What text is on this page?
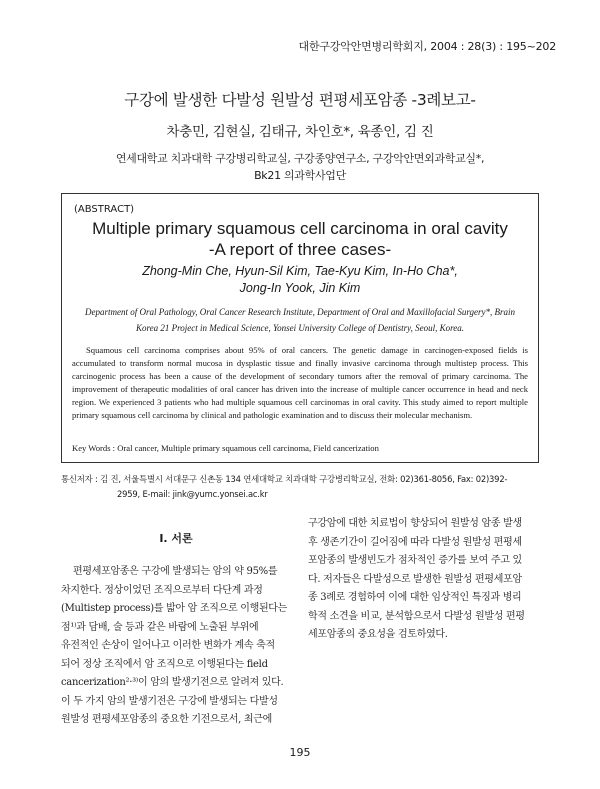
대한구강악안면병리학회지, 2004 : 28(3) : 195~202
구강에 발생한 다발성 원발성 편평세포암종 -3례보고-
차충민, 김현실, 김태규, 차인호*, 육종인, 김 진
연세대학교 치과대학 구강병리학교실, 구강종양연구소, 구강악안면외과학교실*,
Bk21 의과학사업단
(ABSTRACT)
Multiple primary squamous cell carcinoma in oral cavity
-A report of three cases-
Zhong-Min Che, Hyun-Sil Kim, Tae-Kyu Kim, In-Ho Cha*,
Jong-In Yook, Jin Kim
Department of Oral Pathology, Oral Cancer Research Institute, Department of Oral and Maxillofacial Surgery*, Brain
Korea 21 Project in Medical Science, Yonsei University College of Dentistry, Seoul, Korea.
Squamous cell carcinoma comprises about 95% of oral cancers. The genetic damage in carcinogen-exposed fields is accumulated to transform normal mucosa in dysplastic tissue and finally invasive carcinoma through multistep process. This carcinogenic process has been a cause of the development of secondary tumors after the removal of primary carcinoma. The improvement of therapeutic modalities of oral cancer has driven into the increase of multiple cancer occurrence in head and neck region. We experienced 3 patients who had multiple squamous cell carcinomas in oral cavity. This study aimed to report multiple primary squamous cell carcinoma by clinical and pathologic examination and to discuss their molecular mechanism.
Key Words : Oral cancer, Multiple primary squamous cell carcinoma, Field cancerization
통신저자 : 김 진, 서울특별시 서대문구 신촌동 134 연세대학교 치과대학 구강병리학교실, 전화: 02)361-8056, Fax: 02)392-
2959, E-mail: jink@yumc.yonsei.ac.kr
I. 서론
편평세포암종은 구강에 발생되는 암의 약 95%를
차지한다. 정상이었던 조직으로부터 다단계 과정
(Multistep process)를 밟아 암 조직으로 이행된다는
점¹⁾과 담배, 술 등과 같은 바람에 노출된 부위에
유전적인 손상이 일어나고 이러한 변화가 계속 축적
되어 정상 조직에서 암 조직으로 이행된다는 field
cancerization²·³⁾이 암의 발생기전으로 알려져 있다.
이 두 가지 암의 발생기전은 구강에 발생되는 다발성
원발성 편평세포암종의 중요한 기전으로서, 최근에
구강암에 대한 치료법이 향상되어 원발성 암종 발생
후 생존기간이 길어짐에 따라 다발성 원발성 편평세
포암종의 발생빈도가 점차적인 증가를 보여 주고 있
다. 저자들은 다발성으로 발생한 원발성 편평세포암
종 3례로 경험하여 이에 대한 임상적인 특징과 병리
학적 소견을 비교, 분석함으로서 다발성 원발성 편평
세포암종의 중요성을 검토하였다.
195
